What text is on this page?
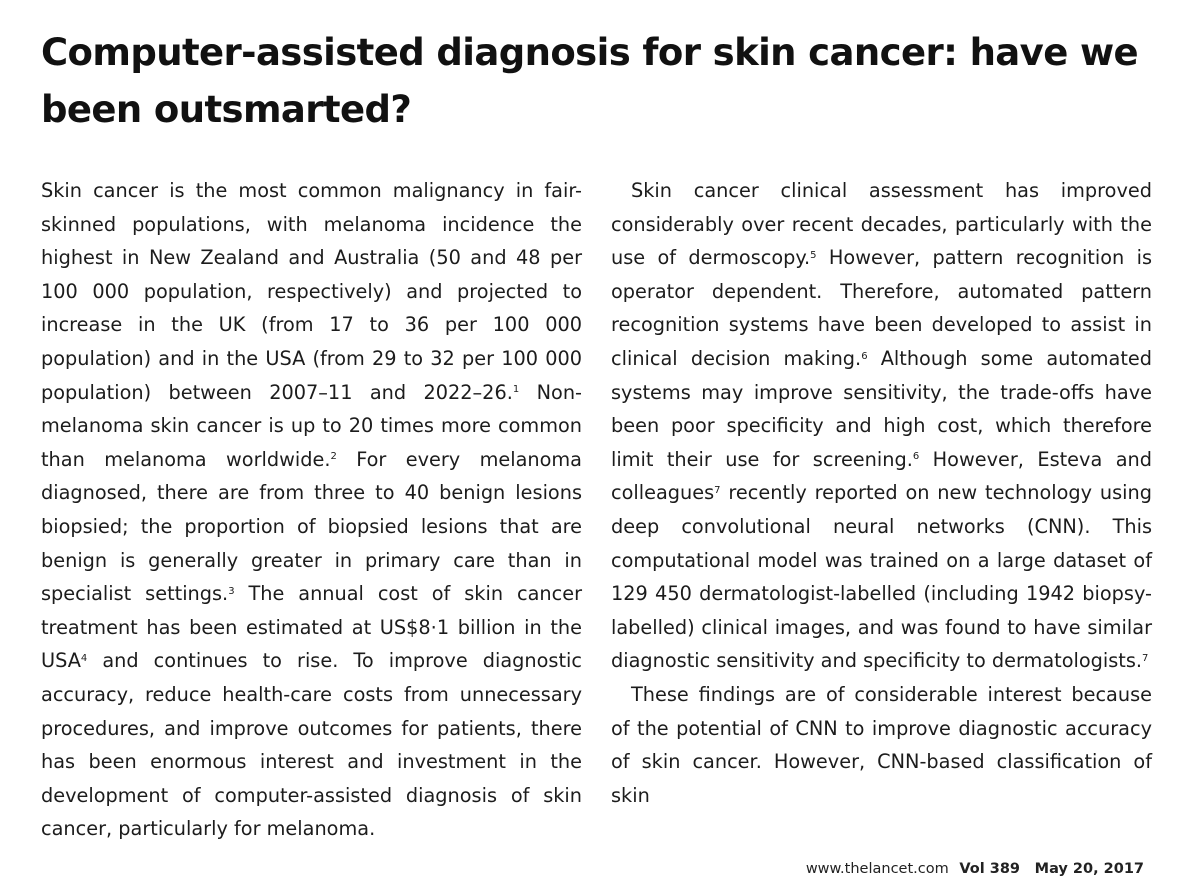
Computer-assisted diagnosis for skin cancer: have we been outsmarted?

Skin cancer is the most common malignancy in fair-skinned populations, with melanoma incidence the highest in New Zealand and Australia (50 and 48 per 100 000 population, respectively) and projected to increase in the UK (from 17 to 36 per 100 000 population) and in the USA (from 29 to 32 per 100 000 population) between 2007–11 and 2022–26.$^1$ Non-melanoma skin cancer is up to 20 times more common than melanoma worldwide.$^2$ For every melanoma diagnosed, there are from three to 40 benign lesions biopsied; the proportion of biopsied lesions that are benign is generally greater in primary care than in specialist settings.$^3$ The annual cost of skin cancer treatment has been estimated at US$8·1 billion in the USA$^4$ and continues to rise. To improve diagnostic accuracy, reduce health-care costs from unnecessary procedures, and improve outcomes for patients, there has been enormous interest and investment in the development of computer-assisted diagnosis of skin cancer, particularly for melanoma.

Skin cancer clinical assessment has improved considerably over recent decades, particularly with the use of dermoscopy.$^5$ However, pattern recognition is operator dependent. Therefore, automated pattern recognition systems have been developed to assist in clinical decision making.$^6$ Although some automated systems may improve sensitivity, the trade-offs have been poor specificity and high cost, which therefore limit their use for screening.$^6$ However, Esteva and colleagues$^7$ recently reported on new technology using deep convolutional neural networks (CNN). This computational model was trained on a large dataset of 129 450 dermatologist-labelled (including 1942 biopsy-labelled) clinical images, and was found to have similar diagnostic sensitivity and specificity to dermatologists.$^7$

These findings are of considerable interest because of the potential of CNN to improve diagnostic accuracy of skin cancer. However, CNN-based classification of skin

www.thelancet.com Vol 389 May 20, 2017
